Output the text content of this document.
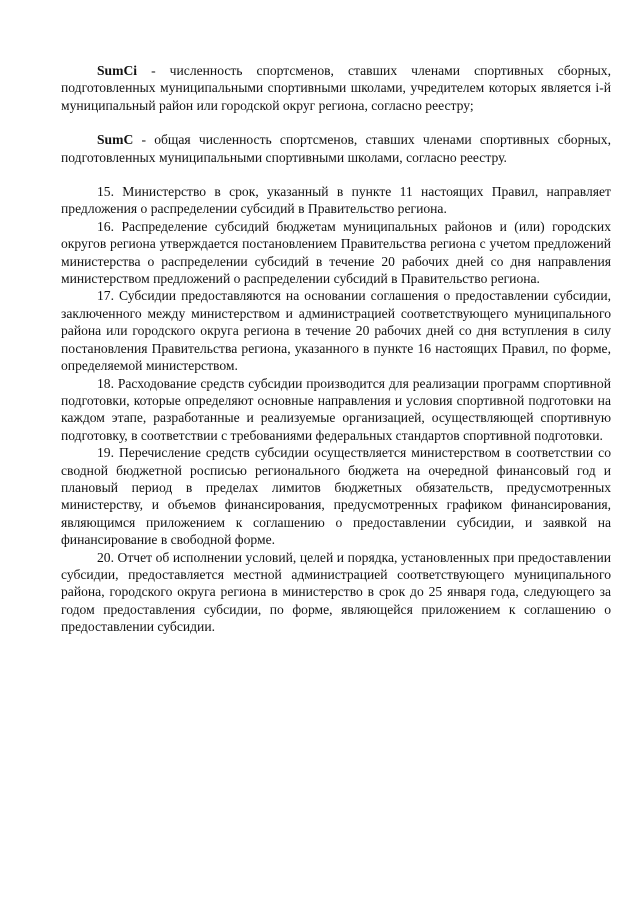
SumCi - численность спортсменов, ставших членами спортивных сборных, подготовленных муниципальными спортивными школами, учредителем которых является i-й муниципальный район или городской округ региона, согласно реестру;

SumC - общая численность спортсменов, ставших членами спортивных сборных, подготовленных муниципальными спортивными школами, согласно реестру.

15. Министерство в срок, указанный в пункте 11 настоящих Правил, направляет предложения о распределении субсидий в Правительство региона.

16. Распределение субсидий бюджетам муниципальных районов и (или) городских округов региона утверждается постановлением Правительства региона с учетом предложений министерства о распределении субсидий в течение 20 рабочих дней со дня направления министерством предложений о распределении субсидий в Правительство региона.

17. Субсидии предоставляются на основании соглашения о предоставлении субсидии, заключенного между министерством и администрацией соответствующего муниципального района или городского округа региона в течение 20 рабочих дней со дня вступления в силу постановления Правительства региона, указанного в пункте 16 настоящих Правил, по форме, определяемой министерством.

18. Расходование средств субсидии производится для реализации программ спортивной подготовки, которые определяют основные направления и условия спортивной подготовки на каждом этапе, разработанные и реализуемые организацией, осуществляющей спортивную подготовку, в соответствии с требованиями федеральных стандартов спортивной подготовки.

19. Перечисление средств субсидии осуществляется министерством в соответствии со сводной бюджетной росписью регионального бюджета на очередной финансовый год и плановый период в пределах лимитов бюджетных обязательств, предусмотренных министерству, и объемов финансирования, предусмотренных графиком финансирования, являющимся приложением к соглашению о предоставлении субсидии, и заявкой на финансирование в свободной форме.

20. Отчет об исполнении условий, целей и порядка, установленных при предоставлении субсидии, предоставляется местной администрацией соответствующего муниципального района, городского округа региона в министерство в срок до 25 января года, следующего за годом предоставления субсидии, по форме, являющейся приложением к соглашению о предоставлении субсидии.
